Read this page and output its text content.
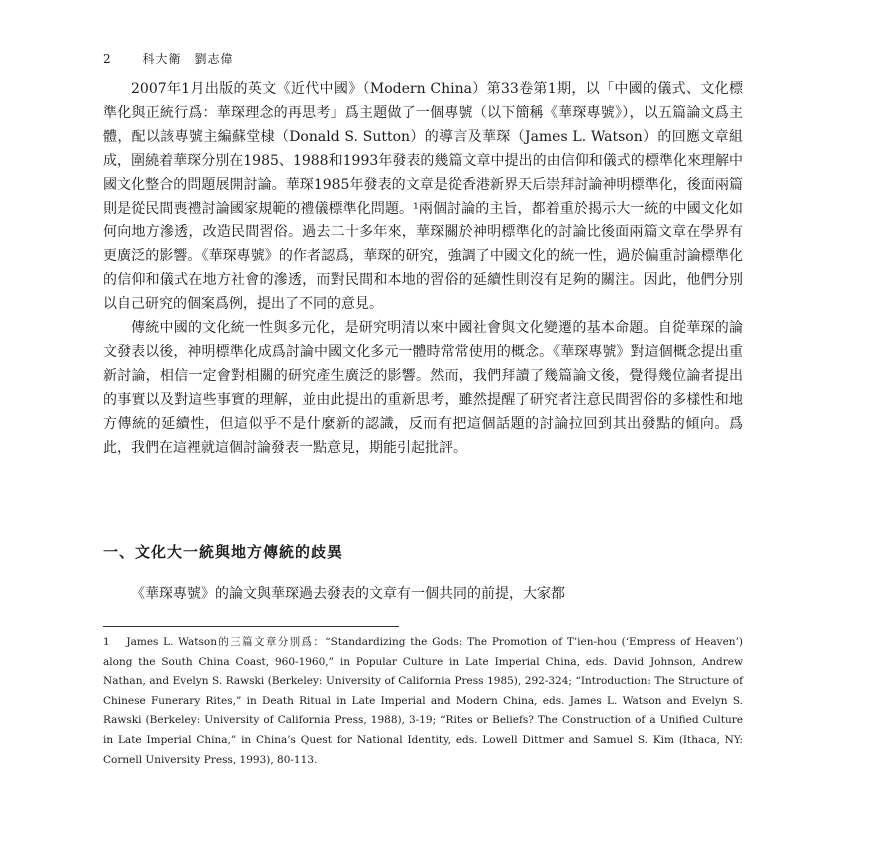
2	科大衛　劉志偉

2007年1月出版的英文《近代中國》（Modern China）第33卷第1期，以「中國的儀式、文化標準化與正統行爲：華琛理念的再思考」爲主題做了一個專號（以下簡稱《華琛專號》），以五篇論文爲主體，配以該專號主編蘇堂棣（Donald S. Sutton）的導言及華琛（James L. Watson）的回應文章組成，圍繞着華琛分別在1985、1988和1993年發表的幾篇文章中提出的由信仰和儀式的標準化來理解中國文化整合的問題展開討論。華琛1985年發表的文章是從香港新界天后崇拜討論神明標準化，後面兩篇則是從民間喪禮討論國家規範的禮儀標準化問題。¹兩個討論的主旨，都着重於揭示大一統的中國文化如何向地方滲透，改造民間習俗。過去二十多年來，華琛關於神明標準化的討論比後面兩篇文章在學界有更廣泛的影響。《華琛專號》的作者認爲，華琛的研究，強調了中國文化的統一性，過於偏重討論標準化的信仰和儀式在地方社會的滲透，而對民間和本地的習俗的延續性則沒有足夠的關注。因此，他們分別以自己研究的個案爲例，提出了不同的意見。

傳統中國的文化統一性與多元化，是研究明清以來中國社會與文化變遷的基本命題。自從華琛的論文發表以後，神明標準化成爲討論中國文化多元一體時常常使用的概念。《華琛專號》對這個概念提出重新討論，相信一定會對相關的研究產生廣泛的影響。然而，我們拜讀了幾篇論文後，覺得幾位論者提出的事實以及對這些事實的理解，並由此提出的重新思考，雖然提醒了研究者注意民間習俗的多樣性和地方傳統的延續性，但這似乎不是什麼新的認識，反而有把這個話題的討論拉回到其出發點的傾向。爲此，我們在這裡就這個討論發表一點意見，期能引起批評。

一、文化大一統與地方傳統的歧異
《華琛專號》的論文與華琛過去發表的文章有一個共同的前提，大家都
1 James L. Watson的三篇文章分別爲：“Standardizing the Gods: The Promotion of T’ien-hou (‘Empress of Heaven’) along the South China Coast, 960-1960,” in Popular Culture in Late Imperial China, eds. David Johnson, Andrew Nathan, and Evelyn S. Rawski (Berkeley: University of California Press 1985), 292-324; “Introduction: The Structure of Chinese Funerary Rites,” in Death Ritual in Late Imperial and Modern China, eds. James L. Watson and Evelyn S. Rawski (Berkeley: University of California Press, 1988), 3-19; “Rites or Beliefs? The Construction of a Unified Culture in Late Imperial China,” in China’s Quest for National Identity, eds. Lowell Dittmer and Samuel S. Kim (Ithaca, NY: Cornell University Press, 1993), 80-113.
